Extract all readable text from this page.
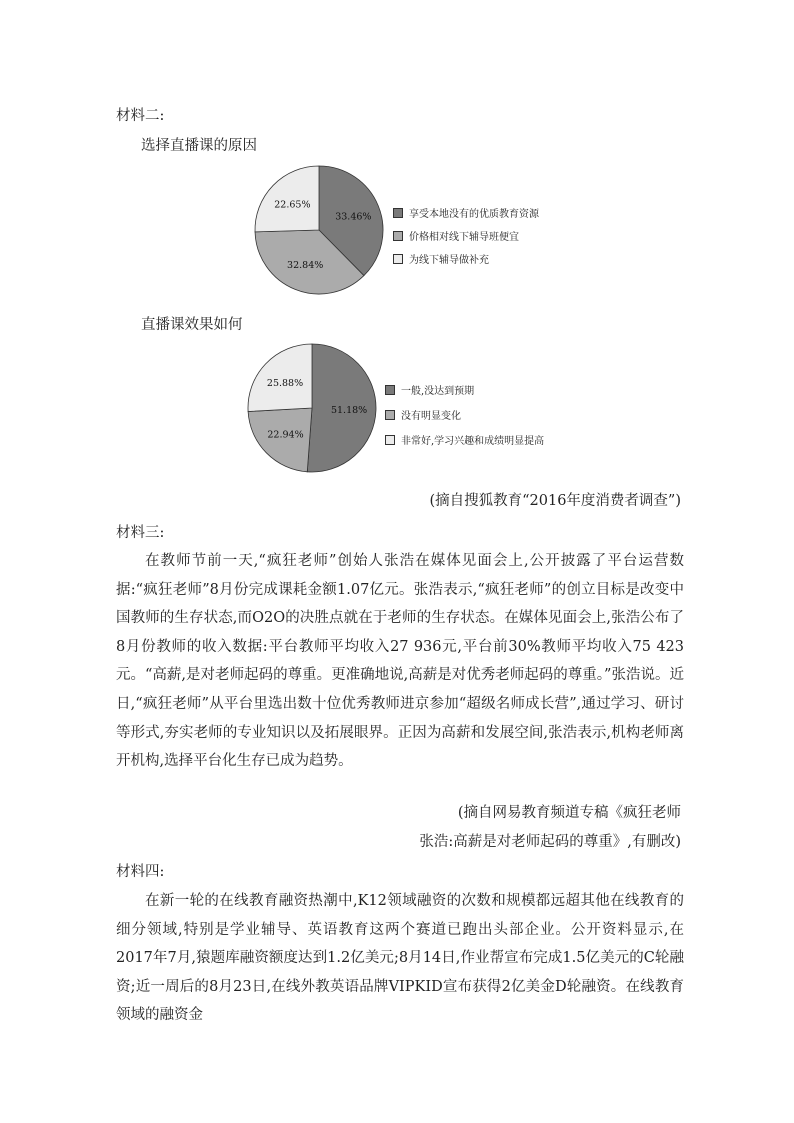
材料二:
选择直播课的原因
33.46%
32.84%
22.65%
享受本地没有的优质教育资源
价格相对线下辅导班便宜
为线下辅导做补充
直播课效果如何
51.18%
22.94%
25.88%
一般,没达到预期
没有明显变化
非常好,学习兴趣和成绩明显提高
(摘自搜狐教育“2016年度消费者调查”)
材料三:

在教师节前一天,“疯狂老师”创始人张浩在媒体见面会上,公开披露了平台运营数据:“疯狂老师”8月份完成课耗金额1.07亿元。张浩表示,“疯狂老师”的创立目标是改变中国教师的生存状态,而O2O的决胜点就在于老师的生存状态。在媒体见面会上,张浩公布了8月份教师的收入数据:平台教师平均收入27 936元,平台前30%教师平均收入75 423元。“高薪,是对老师起码的尊重。更准确地说,高薪是对优秀老师起码的尊重。”张浩说。近日,“疯狂老师”从平台里选出数十位优秀教师进京参加“超级名师成长营”,通过学习、研讨等形式,夯实老师的专业知识以及拓展眼界。正因为高薪和发展空间,张浩表示,机构老师离开机构,选择平台化生存已成为趋势。

(摘自网易教育频道专稿《疯狂老师
张浩:高薪是对老师起码的尊重》,有删改)
材料四:

在新一轮的在线教育融资热潮中,K12领域融资的次数和规模都远超其他在线教育的细分领域,特别是学业辅导、英语教育这两个赛道已跑出头部企业。公开资料显示,在2017年7月,猿题库融资额度达到1.2亿美元;8月14日,作业帮宣布完成1.5亿美元的C轮融资;近一周后的8月23日,在线外教英语品牌VIPKID宣布获得2亿美金D轮融资。在线教育领域的融资金
